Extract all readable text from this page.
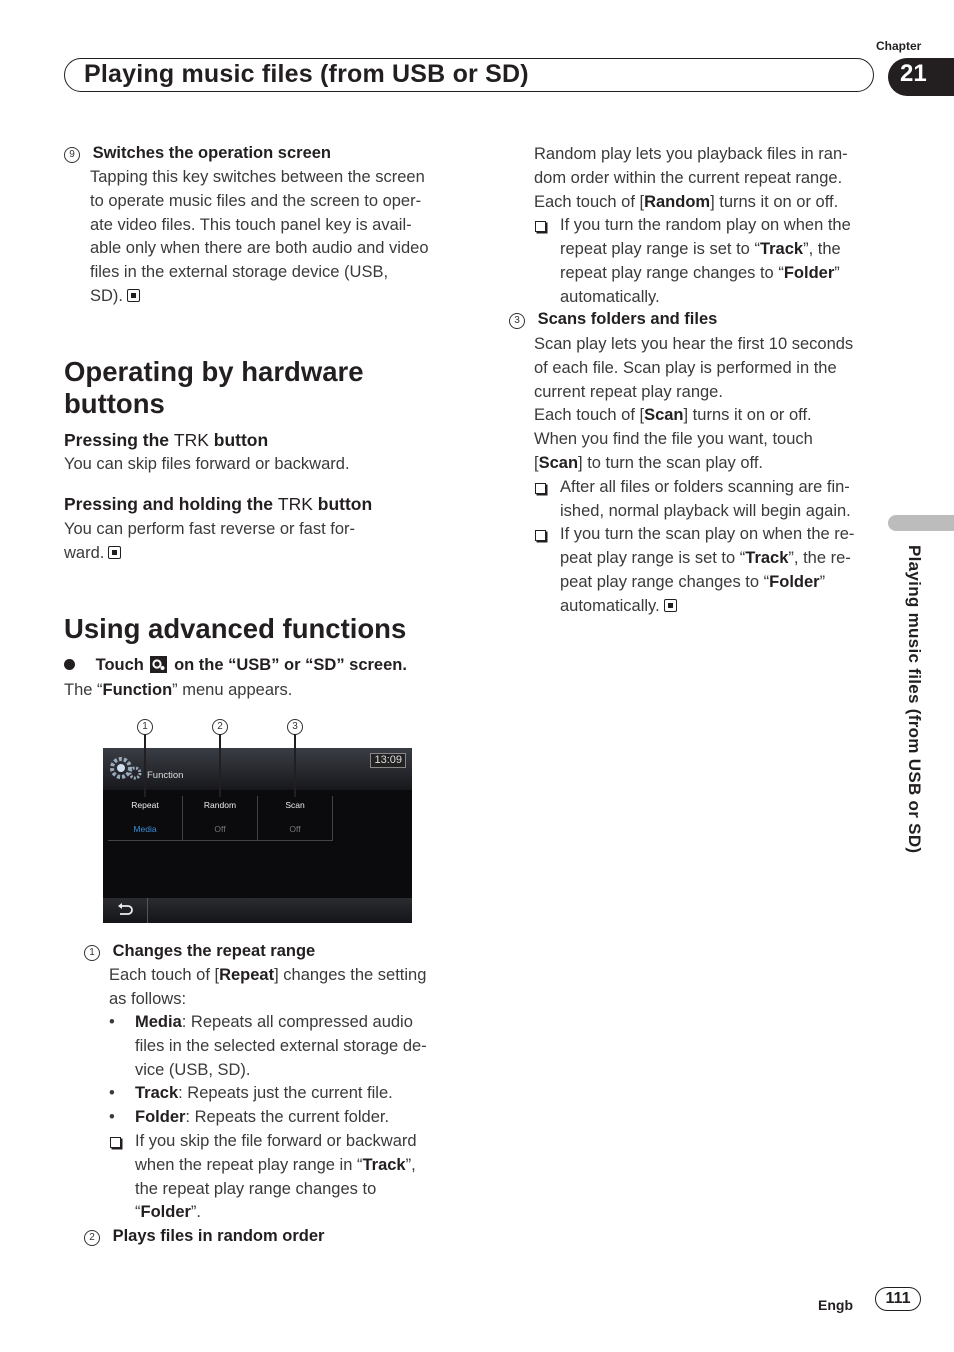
Playing music files (from USB or SD)
Chapter
21
9 Switches the operation screen
Tapping this key switches between the screen
to operate music files and the screen to oper-
ate video files. This touch panel key is avail-
able only when there are both audio and video
files in the external storage device (USB,
SD).
Operating by hardware
buttons
Pressing the TRK button
You can skip files forward or backward.
Pressing and holding the TRK button
You can perform fast reverse or fast for-
ward.
Using advanced functions
Touch on the “USB” or “SD” screen.
The “Function” menu appears.
1	2	3
Function
13:09
Repeat
Media
Random
Off
Scan
Off
1 Changes the repeat range
Each touch of [Repeat] changes the setting
as follows:
• Media: Repeats all compressed audio
files in the selected external storage de-
vice (USB, SD).
• Track: Repeats just the current file.
• Folder: Repeats the current folder.
If you skip the file forward or backward
when the repeat play range in “Track”,
the repeat play range changes to
“Folder”.
2 Plays files in random order
Random play lets you playback files in ran-
dom order within the current repeat range.
Each touch of [Random] turns it on or off.
If you turn the random play on when the
repeat play range is set to “Track”, the
repeat play range changes to “Folder”
automatically.
3 Scans folders and files
Scan play lets you hear the first 10 seconds
of each file. Scan play is performed in the
current repeat play range.
Each touch of [Scan] turns it on or off.
When you find the file you want, touch
[Scan] to turn the scan play off.
After all files or folders scanning are fin-
ished, normal playback will begin again.
If you turn the scan play on when the re-
peat play range is set to “Track”, the re-
peat play range changes to “Folder”
automatically.	Playing music files (from USB or SD)
Engb	111
